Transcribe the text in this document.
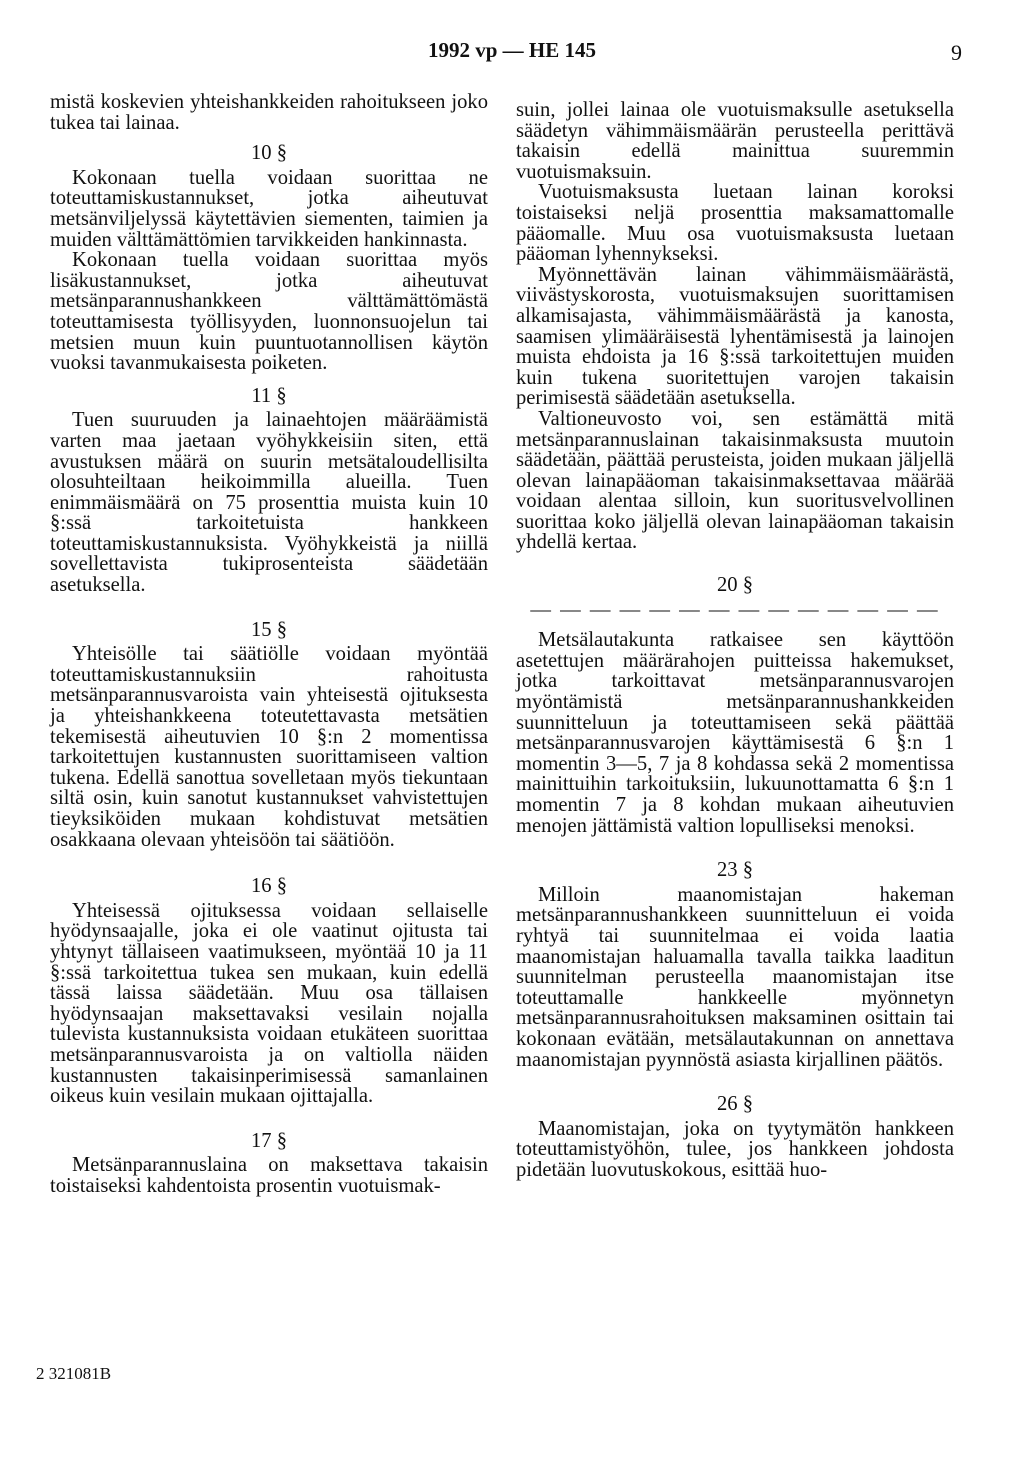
1992 vp — HE 145	9

mistä koskevien yhteishankkeiden rahoitukseen joko tukea tai lainaa.

10 §

Kokonaan tuella voidaan suorittaa ne toteuttamiskustannukset, jotka aiheutuvat metsänviljelyssä käytettävien siementen, taimien ja muiden välttämättömien tarvikkeiden hankinnasta.

Kokonaan tuella voidaan suorittaa myös lisäkustannukset, jotka aiheutuvat metsänparannushankkeen välttämättömästä toteuttamisesta työllisyyden, luonnonsuojelun tai metsien muun kuin puuntuotannollisen käytön vuoksi tavanmukaisesta poiketen.

11 §

Tuen suuruuden ja lainaehtojen määräämistä varten maa jaetaan vyöhykkeisiin siten, että avustuksen määrä on suurin metsätaloudellisilta olosuhteiltaan heikoimmilla alueilla. Tuen enimmäismäärä on 75 prosenttia muista kuin 10 §:ssä tarkoitetuista hankkeen toteuttamiskustannuksista. Vyöhykkeistä ja niillä sovellettavista tukiprosenteista säädetään asetuksella.

15 §

Yhteisölle tai säätiölle voidaan myöntää toteuttamiskustannuksiin rahoitusta metsänparannusvaroista vain yhteisestä ojituksesta ja yhteishankkeena toteutettavasta metsätien tekemisestä aiheutuvien 10 §:n 2 momentissa tarkoitettujen kustannusten suorittamiseen valtion tukena. Edellä sanottua sovelletaan myös tiekuntaan siltä osin, kuin sanotut kustannukset vahvistettujen tieyksiköiden mukaan kohdistuvat metsätien osakkaana olevaan yhteisöön tai säätiöön.

16 §

Yhteisessä ojituksessa voidaan sellaiselle hyödynsaajalle, joka ei ole vaatinut ojitusta tai yhtynyt tällaiseen vaatimukseen, myöntää 10 ja 11 §:ssä tarkoitettua tukea sen mukaan, kuin edellä tässä laissa säädetään. Muu osa tällaisen hyödynsaajan maksettavaksi vesilain nojalla tulevista kustannuksista voidaan etukäteen suorittaa metsänparannusvaroista ja on valtiolla näiden kustannusten takaisinperimisessä samanlainen oikeus kuin vesilain mukaan ojittajalla.

17 §

Metsänparannuslaina on maksettava takaisin toistaiseksi kahdentoista prosentin vuotuismak-

suin, jollei lainaa ole vuotuismaksulle asetuksella säädetyn vähimmäismäärän perusteella perittävä takaisin edellä mainittua suuremmin vuotuismaksuin.

Vuotuismaksusta luetaan lainan koroksi toistaiseksi neljä prosenttia maksamattomalle pääomalle. Muu osa vuotuismaksusta luetaan pääoman lyhennykseksi.

Myönnettävän lainan vähimmäismäärästä, viivästyskorosta, vuotuismaksujen suorittamisen alkamisajasta, vähimmäismäärästä ja kanosta, saamisen ylimääräisestä lyhentämisestä ja lainojen muista ehdoista ja 16 §:ssä tarkoitettujen muiden kuin tukena suoritettujen varojen takaisin perimisestä säädetään asetuksella.

Valtioneuvosto voi, sen estämättä mitä metsänparannuslainan takaisinmaksusta muutoin säädetään, päättää perusteista, joiden mukaan jäljellä olevan lainapääoman takaisinmaksettavaa määrää voidaan alentaa silloin, kun suoritusvelvollinen suorittaa koko jäljellä olevan lainapääoman takaisin yhdellä kertaa.

20 §
— — — — — — — — — — — — — —

Metsälautakunta ratkaisee sen käyttöön asetettujen määrärahojen puitteissa hakemukset, jotka tarkoittavat metsänparannusvarojen myöntämistä metsänparannushankkeiden suunnitteluun ja toteuttamiseen sekä päättää metsänparannusvarojen käyttämisestä 6 §:n 1 momentin 3—5, 7 ja 8 kohdassa sekä 2 momentissa mainittuihin tarkoituksiin, lukuunottamatta 6 §:n 1 momentin 7 ja 8 kohdan mukaan aiheutuvien menojen jättämistä valtion lopulliseksi menoksi.

23 §

Milloin maanomistajan hakeman metsänparannushankkeen suunnitteluun ei voida ryhtyä tai suunnitelmaa ei voida laatia maanomistajan haluamalla tavalla taikka laaditun suunnitelman perusteella maanomistajan itse toteuttamalle hankkeelle myönnetyn metsänparannusrahoituksen maksaminen osittain tai kokonaan evätään, metsälautakunnan on annettava maanomistajan pyynnöstä asiasta kirjallinen päätös.

26 §

Maanomistajan, joka on tyytymätön hankkeen toteuttamistyöhön, tulee, jos hankkeen johdosta pidetään luovutuskokous, esittää huo-

2 321081B
